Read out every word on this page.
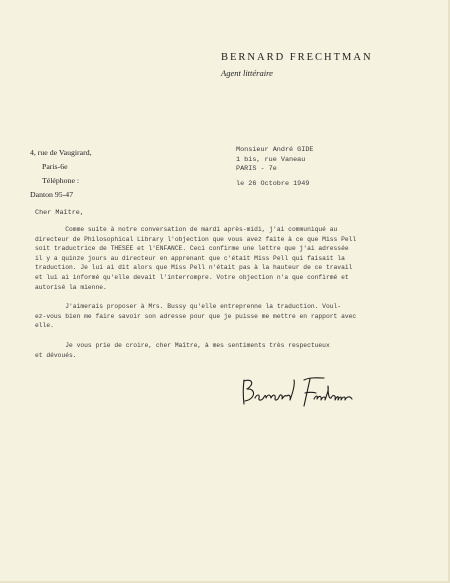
BERNARD FRECHTMAN
Agent littéraire
4, rue de Vaugirard,
Paris-6e
Téléphone :
Danton 95-47
Monsieur André GIDE
1 bis, rue Vaneau
PARIS - 7e
le 26 Octobre 1949
Cher Maître,

Comme suite à notre conversation de mardi après-midi, j'ai communiqué au
directeur de Philosophical Library l'objection que vous avez faite à ce que Miss Pell
soit traductrice de THESEE et l'ENFANCE. Ceci confirme une lettre que j'ai adressée
il y a quinze jours au directeur en apprenant que c'était Miss Pell qui faisait la
traduction. Je lui ai dit alors que Miss Pell n'était pas à la hauteur de ce travail
et lui ai informé qu'elle devait l'interrompre. Votre objection n'a que confirmé et
autorisé la mienne.

J'aimerais proposer à Mrs. Bussy qu'elle entreprenne la traduction. Voul-
ez-vous bien me faire savoir son adresse pour que je puisse me mettre en rapport avec
elle.

Je vous prie de croire, cher Maître, à mes sentiments très respectueux
et dévoués.
